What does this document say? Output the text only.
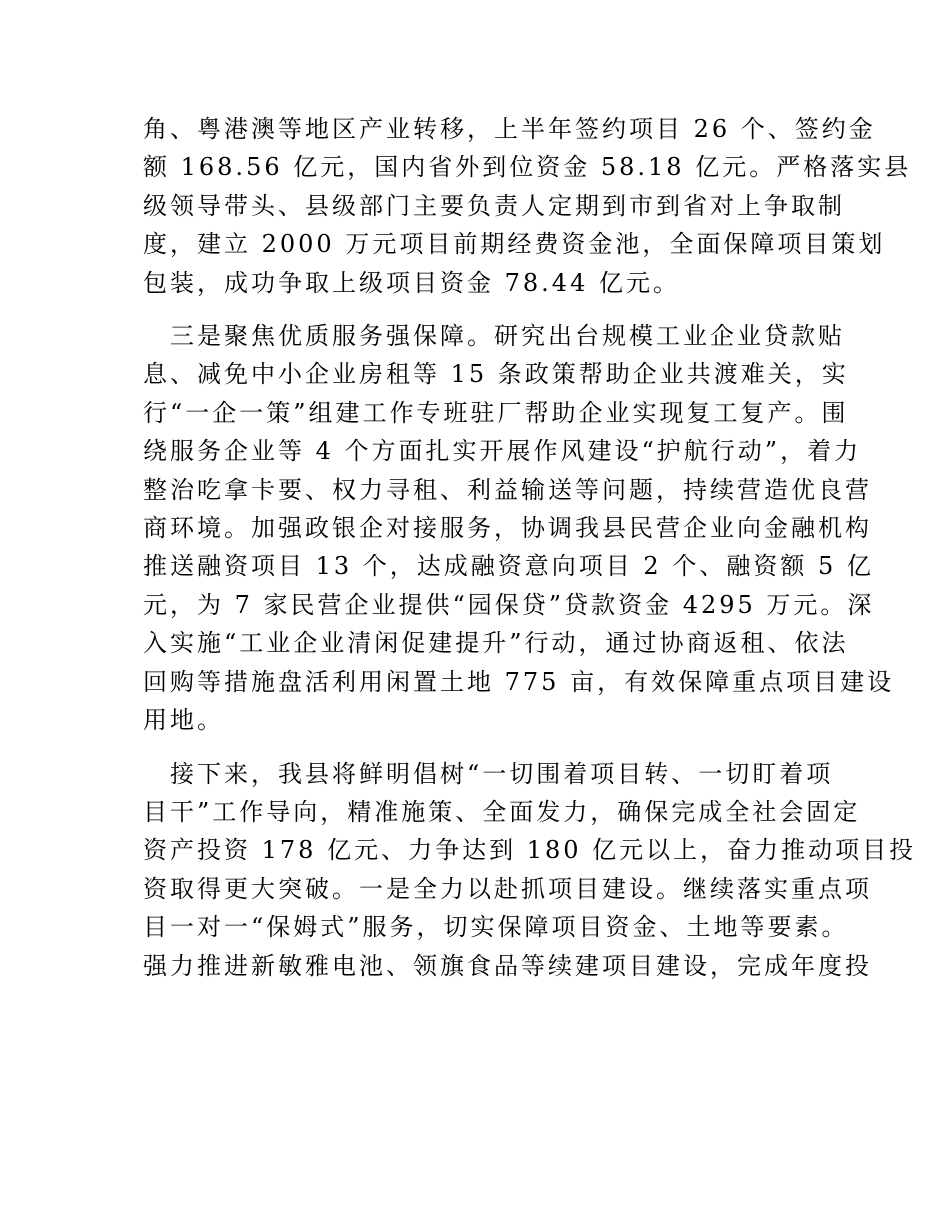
角、粤港澳等地区产业转移，上半年签约项目 26 个、签约金
额 168.56 亿元，国内省外到位资金 58.18 亿元。严格落实县
级领导带头、县级部门主要负责人定期到市到省对上争取制
度，建立 2000 万元项目前期经费资金池，全面保障项目策划
包装，成功争取上级项目资金 78.44 亿元。
　三是聚焦优质服务强保障。研究出台规模工业企业贷款贴
息、减免中小企业房租等 15 条政策帮助企业共渡难关，实
行“一企一策”组建工作专班驻厂帮助企业实现复工复产。围
绕服务企业等 4 个方面扎实开展作风建设“护航行动”，着力
整治吃拿卡要、权力寻租、利益输送等问题，持续营造优良营
商环境。加强政银企对接服务，协调我县民营企业向金融机构
推送融资项目 13 个，达成融资意向项目 2 个、融资额 5 亿
元，为 7 家民营企业提供“园保贷”贷款资金 4295 万元。深
入实施“工业企业清闲促建提升”行动，通过协商返租、依法
回购等措施盘活利用闲置土地 775 亩，有效保障重点项目建设
用地。
　接下来，我县将鲜明倡树“一切围着项目转、一切盯着项
目干”工作导向，精准施策、全面发力，确保完成全社会固定
资产投资 178 亿元、力争达到 180 亿元以上，奋力推动项目投
资取得更大突破。一是全力以赴抓项目建设。继续落实重点项
目一对一“保姆式”服务，切实保障项目资金、土地等要素。
强力推进新敏雅电池、领旗食品等续建项目建设，完成年度投
